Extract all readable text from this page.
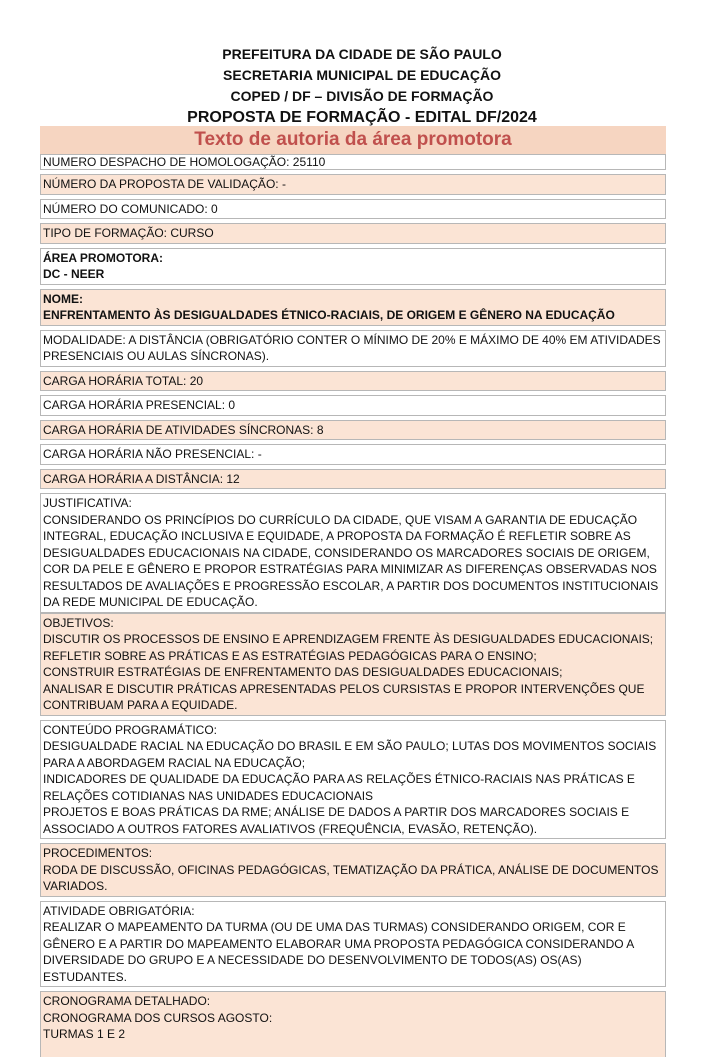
PREFEITURA DA CIDADE DE SÃO PAULO
SECRETARIA MUNICIPAL DE EDUCAÇÃO
COPED / DF – DIVISÃO DE FORMAÇÃO
PROPOSTA DE FORMAÇÃO - EDITAL DF/2024
Texto de autoria da área promotora
NUMERO DESPACHO DE HOMOLOGAÇÃO: 25110
NÚMERO DA PROPOSTA DE VALIDAÇÃO: -
NÚMERO DO COMUNICADO: 0
TIPO DE FORMAÇÃO: CURSO
ÁREA PROMOTORA:
DC - NEER
NOME:
ENFRENTAMENTO ÀS DESIGUALDADES ÉTNICO-RACIAIS, DE ORIGEM E GÊNERO NA EDUCAÇÃO
MODALIDADE: A DISTÂNCIA (OBRIGATÓRIO CONTER O MÍNIMO DE 20% E MÁXIMO DE 40% EM ATIVIDADES PRESENCIAIS OU AULAS SÍNCRONAS).
CARGA HORÁRIA TOTAL: 20
CARGA HORÁRIA PRESENCIAL: 0
CARGA HORÁRIA DE ATIVIDADES SÍNCRONAS: 8
CARGA HORÁRIA NÃO PRESENCIAL: -
CARGA HORÁRIA A DISTÂNCIA: 12
JUSTIFICATIVA:
CONSIDERANDO OS PRINCÍPIOS DO CURRÍCULO DA CIDADE, QUE VISAM A GARANTIA DE EDUCAÇÃO INTEGRAL, EDUCAÇÃO INCLUSIVA E EQUIDADE, A PROPOSTA DA FORMAÇÃO É REFLETIR SOBRE AS DESIGUALDADES EDUCACIONAIS NA CIDADE, CONSIDERANDO OS MARCADORES SOCIAIS DE ORIGEM, COR DA PELE E GÊNERO E PROPOR ESTRATÉGIAS PARA MINIMIZAR AS DIFERENÇAS OBSERVADAS NOS RESULTADOS DE AVALIAÇÕES E PROGRESSÃO ESCOLAR, A PARTIR DOS DOCUMENTOS INSTITUCIONAIS DA REDE MUNICIPAL DE EDUCAÇÃO.
OBJETIVOS:
DISCUTIR OS PROCESSOS DE ENSINO E APRENDIZAGEM FRENTE ÀS DESIGUALDADES EDUCACIONAIS;
REFLETIR SOBRE AS PRÁTICAS E AS ESTRATÉGIAS PEDAGÓGICAS PARA O ENSINO;
CONSTRUIR ESTRATÉGIAS DE ENFRENTAMENTO DAS DESIGUALDADES EDUCACIONAIS;
ANALISAR E DISCUTIR PRÁTICAS APRESENTADAS PELOS CURSISTAS E PROPOR INTERVENÇÕES QUE CONTRIBUAM PARA A EQUIDADE.
CONTEÚDO PROGRAMÁTICO:
DESIGUALDADE RACIAL NA EDUCAÇÃO DO BRASIL E EM SÃO PAULO; LUTAS DOS MOVIMENTOS SOCIAIS PARA A ABORDAGEM RACIAL NA EDUCAÇÃO;
INDICADORES DE QUALIDADE DA EDUCAÇÃO PARA AS RELAÇÕES ÉTNICO-RACIAIS NAS PRÁTICAS E RELAÇÕES COTIDIANAS NAS UNIDADES EDUCACIONAIS
PROJETOS E BOAS PRÁTICAS DA RME; ANÁLISE DE DADOS A PARTIR DOS MARCADORES SOCIAIS E ASSOCIADO A OUTROS FATORES AVALIATIVOS (FREQUÊNCIA, EVASÃO, RETENÇÃO).
PROCEDIMENTOS:
RODA DE DISCUSSÃO, OFICINAS PEDAGÓGICAS, TEMATIZAÇÃO DA PRÁTICA, ANÁLISE DE DOCUMENTOS VARIADOS.
ATIVIDADE OBRIGATÓRIA:
REALIZAR O MAPEAMENTO DA TURMA (OU DE UMA DAS TURMAS) CONSIDERANDO ORIGEM, COR E GÊNERO E A PARTIR DO MAPEAMENTO ELABORAR UMA PROPOSTA PEDAGÓGICA CONSIDERANDO A DIVERSIDADE DO GRUPO E A NECESSIDADE DO DESENVOLVIMENTO DE TODOS(AS) OS(AS) ESTUDANTES.
CRONOGRAMA DETALHADO:
CRONOGRAMA DOS CURSOS AGOSTO:
TURMAS 1 E 2
